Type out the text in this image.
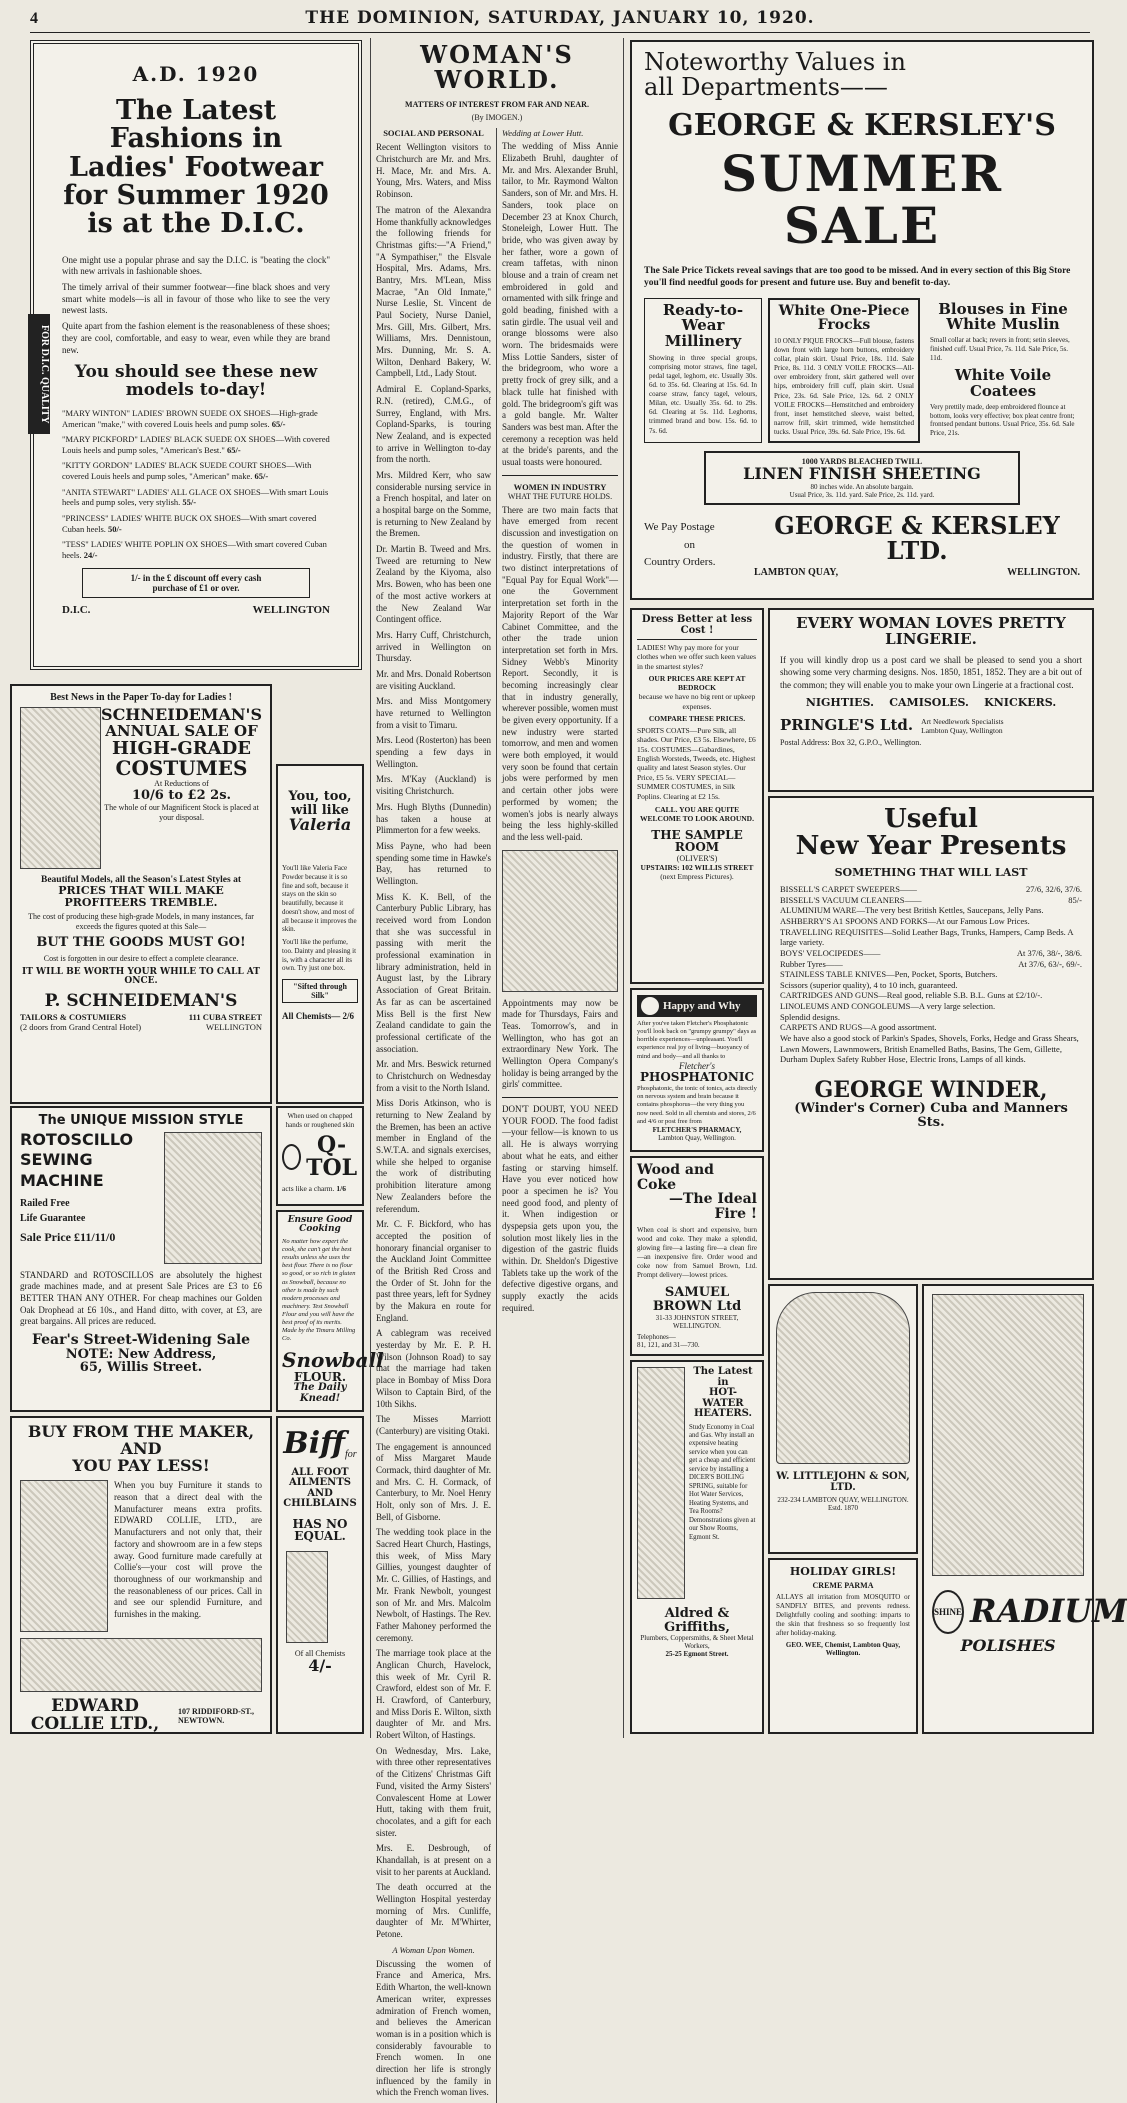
4	THE DOMINION, SATURDAY, JANUARY 10, 1920.
A.D. 1920
The Latest Fashions in Ladies' Footwear for Summer 1920 is at the D.I.C.
FOR D.I.C. QUALITY

One might use a popular phrase and say the D.I.C. is "beating the clock" with new arrivals in fashionable shoes.

The timely arrival of their summer footwear—fine black shoes and very smart white models—is all in favour of those who like to see the very newest lasts.

Quite apart from the fashion element is the reasonableness of these shoes; they are cool, comfortable, and easy to wear, even while they are brand new.

You should see these new models to-day!
"MARY WINTON" LADIES' BROWN SUEDE OX SHOES—High-grade American "make," with covered Louis heels and pump soles. 65/-
"MARY PICKFORD" LADIES' BLACK SUEDE OX SHOES—With covered Louis heels and pump soles, "American's Best." 65/-
"KITTY GORDON" LADIES' BLACK SUEDE COURT SHOES—With covered Louis heels and pump soles, "American" make. 65/-
"ANITA STEWART" LADIES' ALL GLACE OX SHOES—With smart Louis heels and pump soles, very stylish. 55/-
"PRINCESS" LADIES' WHITE BUCK OX SHOES—With smart covered Cuban heels. 50/-
"TESS" LADIES' WHITE POPLIN OX SHOES—With smart covered Cuban heels. 24/-
1/- in the £ discount off every cash
purchase of £1 or over.
D.I.C.	WELLINGTON
Best News in the Paper To-day for Ladies !
SCHNEIDEMAN'S
ANNUAL SALE OF
HIGH-GRADE
COSTUMES
At Reductions of
10/6 to £2 2s.
The whole of our Magnificent Stock is placed at your disposal.
Beautiful Models, all the Season's Latest Styles at
PRICES THAT WILL MAKE PROFITEERS TREMBLE.
The cost of producing these high-grade Models, in many instances, far exceeds the figures quoted at this Sale—
BUT THE GOODS MUST GO!
Cost is forgotten in our desire to effect a complete clearance.
IT WILL BE WORTH YOUR WHILE TO CALL AT ONCE.
P. SCHNEIDEMAN'S
TAILORS & COSTUMIERS	111 CUBA STREET
(2 doors from Grand Central Hotel)	WELLINGTON
You, too,
will like
Valeria
You'll like Valeria Face Powder because it is so fine and soft, because it stays on the skin so beautifully, because it doesn't show, and most of all because it improves the skin.
You'll like the perfume, too. Dainty and pleasing it is, with a character all its own. Try just one box.
"Sifted through Silk"
All Chemists— 2/6
The UNIQUE MISSION STYLE
ROTOSCILLO
SEWING
MACHINE
Railed Free
Life Guarantee
Sale Price £11/11/0
STANDARD and ROTOSCILLOS are absolutely the highest grade machines made, and at present Sale Prices are £3 to £6 BETTER THAN ANY OTHER. For cheap machines our Golden Oak Drophead at £6 10s., and Hand ditto, with cover, at £3, are great bargains. All prices are reduced.
Fear's Street-Widening Sale
NOTE: New Address,
65, Willis Street.
When used on chapped hands or roughened skin
Q-TOL
acts like a charm. 1/6
Ensure Good Cooking
No matter how expert the cook, she can't get the best results unless she uses the best flour. There is no flour so good, or so rich in gluten as Snowball, because no other is made by such modern processes and machinery. Test Snowball Flour and you will have the best proof of its merits. Made by the Timaru Milling Co.
Snowball
FLOUR.
The Daily Knead!
BUY FROM THE MAKER, AND
YOU PAY LESS!
When you buy Furniture it stands to reason that a direct deal with the Manufacturer means extra profits. EDWARD COLLIE, LTD., are Manufacturers and not only that, their factory and showroom are in a few steps away. Good furniture made carefully at Collie's—your cost will prove the thoroughness of our workmanship and the reasonableness of our prices. Call in and see our splendid Furniture, and furnishes in the making.
EDWARD COLLIE LTD.,
107 RIDDIFORD-ST., NEWTOWN.
Biff for
ALL FOOT AILMENTS
AND CHILBLAINS
HAS NO
EQUAL.
Of all Chemists
4/-
WOMAN'S WORLD.
MATTERS OF INTEREST FROM FAR AND NEAR.
(By IMOGEN.)
SOCIAL AND PERSONAL

Recent Wellington visitors to Christchurch are Mr. and Mrs. H. Mace, Mr. and Mrs. A. Young, Mrs. Waters, and Miss Robinson.

The matron of the Alexandra Home thankfully acknowledges the following friends for Christmas gifts:—"A Friend," "A Sympathiser," the Elsvale Hospital, Mrs. Adams, Mrs. Bantry, Mrs. M'Lean, Miss Macrae, "An Old Inmate," Nurse Leslie, St. Vincent de Paul Society, Nurse Daniel, Mrs. Gill, Mrs. Gilbert, Mrs. Williams, Mrs. Dennistoun, Mrs. Dunning, Mr. S. A. Wilton, Denhard Bakery, W. Campbell, Ltd., Lady Stout.

Admiral E. Copland-Sparks, R.N. (retired), C.M.G., of Surrey, England, with Mrs. Copland-Sparks, is touring New Zealand, and is expected to arrive in Wellington to-day from the north.

Mrs. Mildred Kerr, who saw considerable nursing service in a French hospital, and later on a hospital barge on the Somme, is returning to New Zealand by the Bremen.

Dr. Martin B. Tweed and Mrs. Tweed are returning to New Zealand by the Kiyoma, also Mrs. Bowen, who has been one of the most active workers at the New Zealand War Contingent office.

Mrs. Harry Cuff, Christchurch, arrived in Wellington on Thursday.

Mr. and Mrs. Donald Robertson are visiting Auckland.

Mrs. and Miss Montgomery have returned to Wellington from a visit to Timaru.

Mrs. Leod (Rosterton) has been spending a few days in Wellington.

Mrs. M'Kay (Auckland) is visiting Christchurch.

Mrs. Hugh Blyths (Dunnedin) has taken a house at Plimmerton for a few weeks.

Miss Payne, who had been spending some time in Hawke's Bay, has returned to Wellington.

Miss K. K. Bell, of the Canterbury Public Library, has received word from London that she was successful in passing with merit the professional examination in library administration, held in August last, by the Library Association of Great Britain. As far as can be ascertained Miss Bell is the first New Zealand candidate to gain the professional certificate of the association.

Mr. and Mrs. Beswick returned to Christchurch on Wednesday from a visit to the North Island.

Miss Doris Atkinson, who is returning to New Zealand by the Bremen, has been an active member in England of the S.W.T.A. and signals exercises, while she helped to organise the work of distributing prohibition literature among New Zealanders before the referendum.

Mr. C. F. Bickford, who has accepted the position of honorary financial organiser to the Auckland Joint Committee of the British Red Cross and the Order of St. John for the past three years, left for Sydney by the Makura en route for England.

A cablegram was received yesterday by Mr. E. P. H. Wilson (Johnson Road) to say that the marriage had taken place in Bombay of Miss Dora Wilson to Captain Bird, of the 10th Sikhs.

The Misses Marriott (Canterbury) are visiting Otaki.

The engagement is announced of Miss Margaret Maude Cormack, third daughter of Mr. and Mrs. C. H. Cormack, of Canterbury, to Mr. Noel Henry Holt, only son of Mrs. J. E. Bell, of Gisborne.

The wedding took place in the Sacred Heart Church, Hastings, this week, of Miss Mary Gillies, youngest daughter of Mr. C. Gillies, of Hastings, and Mr. Frank Newbolt, youngest son of Mr. and Mrs. Malcolm Newbolt, of Hastings. The Rev. Father Mahoney performed the ceremony.

The marriage took place at the Anglican Church, Havelock, this week of Mr. Cyril R. Crawford, eldest son of Mr. F. H. Crawford, of Canterbury, and Miss Doris E. Wilton, sixth daughter of Mr. and Mrs. Robert Wilton, of Hastings.

On Wednesday, Mrs. Lake, with three other representatives of the Citizens' Christmas Gift Fund, visited the Army Sisters' Convalescent Home at Lower Hutt, taking with them fruit, chocolates, and a gift for each sister.

Mrs. E. Desbrough, of Khandallah, is at present on a visit to her parents at Auckland.

The death occurred at the Wellington Hospital yesterday morning of Mrs. Cunliffe, daughter of Mr. M'Whirter, Petone.

A Woman Upon Women.

Discussing the women of France and America, Mrs. Edith Wharton, the well-known American writer, expresses admiration of French women, and believes the American woman is in a position which is considerably favourable to French women. In one direction her life is strongly influenced by the family in which the French woman lives.

Wedding at Lower Hutt.

The wedding of Miss Annie Elizabeth Bruhl, daughter of Mr. and Mrs. Alexander Bruhl, tailor, to Mr. Raymond Walton Sanders, son of Mr. and Mrs. H. Sanders, took place on December 23 at Knox Church, Stoneleigh, Lower Hutt. The bride, who was given away by her father, wore a gown of cream taffetas, with ninon blouse and a train of cream net embroidered in gold and ornamented with silk fringe and gold beading, finished with a satin girdle. The usual veil and orange blossoms were also worn. The bridesmaids were Miss Lottie Sanders, sister of the bridegroom, who wore a pretty frock of grey silk, and a black tulle hat finished with gold. The bridegroom's gift was a gold bangle. Mr. Walter Sanders was best man. After the ceremony a reception was held at the bride's parents, and the usual toasts were honoured.

WOMEN IN INDUSTRY
WHAT THE FUTURE HOLDS.

There are two main facts that have emerged from recent discussion and investigation on the question of women in industry. Firstly, that there are two distinct interpretations of "Equal Pay for Equal Work"—one the Government interpretation set forth in the Majority Report of the War Cabinet Committee, and the other the trade union interpretation set forth in Mrs. Sidney Webb's Minority Report. Secondly, it is becoming increasingly clear that in industry generally, wherever possible, women must be given every opportunity. If a new industry were started tomorrow, and men and women were both employed, it would very soon be found that certain jobs were performed by men and certain other jobs were performed by women; the women's jobs is nearly always being the less highly-skilled and the less well-paid.

Appointments may now be made for Thursdays, Fairs and Teas. Tomorrow's, and in Wellington, who has got an extraordinary New York. The Wellington Opera Company's holiday is being arranged by the girls' committee.

DON'T DOUBT, YOU NEED YOUR FOOD. The food fadist—your fellow—is known to us all. He is always worrying about what he eats, and either fasting or starving himself. Have you ever noticed how poor a specimen he is? You need good food, and plenty of it. When indigestion or dyspepsia gets upon you, the solution most likely lies in the digestion of the gastric fluids within. Dr. Sheldon's Digestive Tablets take up the work of the defective digestive organs, and supply exactly the acids required.

Noteworthy Values in
all Departments——
GEORGE & KERSLEY'S
SUMMER SALE
The Sale Price Tickets reveal savings that are too good to be missed. And in every section of this Big Store you'll find needful goods for present and future use. Buy and benefit to-day.
Ready-to-Wear
Millinery
Showing in three special groups, comprising motor straws, fine tagel, pedal tagel, leghorn, etc. Usually 30s. 6d. to 35s. 6d. Clearing at 15s. 6d. In coarse straw, fancy tagel, velours, Milan, etc. Usually 35s. 6d. to 29s. 6d. Clearing at 5s. 11d. Leghorns, trimmed brand and bow. 15s. 6d. to 7s. 6d.
White One-Piece
Frocks
10 ONLY PIQUE FROCKS—Full blouse, fastens down front with large horn buttons, embroidery collar, plain skirt. Usual Price, 18s. 11d. Sale Price, 8s. 11d. 3 ONLY VOILE FROCKS—All-over embroidery front, skirt gathered well over hips, embroidery frill cuff, plain skirt. Usual Price, 23s. 6d. Sale Price, 12s. 6d. 2 ONLY VOILE FROCKS—Hemstitched and embroidery front, inset hemstitched sleeve, waist belted, narrow frill, skirt trimmed, wide hemstitched tucks. Usual Price, 39s. 6d. Sale Price, 19s. 6d.
Blouses in Fine
White Muslin
Small collar at back; revers in front; setin sleeves, finished cuff. Usual Price, 7s. 11d. Sale Price, 5s. 11d.
White Voile
Coatees
Very prettily made, deep embroidered flounce at bottom, looks very effective; box pleat centre front; frontsed pendant buttons. Usual Price, 35s. 6d. Sale Price, 21s.
1000 YARDS BLEACHED TWILL
LINEN FINISH SHEETING
80 inches wide. An absolute bargain.
Usual Price, 3s. 11d. yard. Sale Price, 2s. 11d. yard.
We Pay Postage
on
Country Orders.
GEORGE & KERSLEY LTD.
LAMBTON QUAY,	WELLINGTON.
Dress Better at less Cost !
LADIES! Why pay more for your clothes when we offer such keen values in the smartest styles?
OUR PRICES ARE KEPT AT BEDROCK
because we have no big rent or upkeep expenses.
COMPARE THESE PRICES.
SPORTS COATS—Pure Silk, all shades. Our Price, £3 5s. Elsewhere, £6 15s. COSTUMES—Gabardines, English Worsteds, Tweeds, etc. Highest quality and latest Season styles. Our Price, £5 5s. VERY SPECIAL—SUMMER COSTUMES, in Silk Poplins. Clearing at £2 15s.
CALL. YOU ARE QUITE WELCOME TO LOOK AROUND.
THE SAMPLE ROOM
(OLIVER'S)
UPSTAIRS: 102 WILLIS STREET
(next Empress Pictures).
Happy and Why
After you've taken Fletcher's Phosphatonic you'll look back on "grumpy grumpy" days as horrible experiences—unpleasant. You'll experience real joy of living—buoyancy of mind and body—and all thanks to
Fletcher's
PHOSPHATONIC
Phosphatonic, the tonic of tonics, acts directly on nervous system and brain because it contains phosphorus—the very thing you now need. Sold in all chemists and stores, 2/6 and 4/6 or post free from
FLETCHER'S PHARMACY,
Lambton Quay, Wellington.
Wood and Coke
—The Ideal Fire !
When coal is short and expensive, burn wood and coke. They make a splendid, glowing fire—a lasting fire—a clean fire—an inexpensive fire. Order wood and coke now from Samuel Brown, Ltd. Prompt delivery—lowest prices.
SAMUEL BROWN Ltd
31-33 JOHNSTON STREET, WELLINGTON.
Telephones—
81, 121, and 31—730.
The Latest in
HOT-WATER
HEATERS.
Study Economy in Coal and Gas. Why install an expensive heating service when you can get a cheap and efficient service by installing a DICER'S BOILING SPRING, suitable for Hot Water Services, Heating Systems, and Tea Rooms? Demonstrations given at our Show Rooms, Egmont St.
Aldred & Griffiths,
Plumbers, Coppersmiths, & Sheet Metal Workers,
25-25 Egmont Street.
EVERY WOMAN LOVES PRETTY
LINGERIE.
If you will kindly drop us a post card we shall be pleased to send you a short showing some very charming designs. Nos. 1850, 1851, 1852. They are a bit out of the common; they will enable you to make your own Lingerie at a fractional cost.
NIGHTIES.    CAMISOLES.    KNICKERS.
PRINGLE'S Ltd. Art Needlework Specialists
Lambton Quay, Wellington
Postal Address: Box 32, G.P.O., Wellington.
Useful
New Year Presents
SOMETHING THAT WILL LAST
BISSELL'S CARPET SWEEPERS——	27/6, 32/6, 37/6.
BISSELL'S VACUUM CLEANERS——	85/-
ALUMINIUM WARE—The very best British Kettles, Saucepans, Jelly Pans.
ASHBERRY'S A1 SPOONS AND FORKS—At our Famous Low Prices.
TRAVELLING REQUISITES—Solid Leather Bags, Trunks, Hampers, Camp Beds. A large variety.
BOYS' VELOCIPEDES——	At 37/6, 38/-, 38/6.
Rubber Tyres——	At 37/6, 63/-, 69/-.
STAINLESS TABLE KNIVES—Pen, Pocket, Sports, Butchers.
Scissors (superior quality), 4 to 10 inch, guaranteed.
CARTRIDGES AND GUNS—Real good, reliable S.B. B.L. Guns at £2/10/-.
LINOLEUMS AND CONGOLEUMS—A very large selection.
Splendid designs.
CARPETS AND RUGS—A good assortment.
We have also a good stock of Parkin's Spades, Shovels, Forks, Hedge and Grass Shears, Lawn Mowers, Lawnmowers, British Enamelled Baths, Basins, The Gem, Gillette, Durham Duplex Safety Rubber Hose, Electric Irons, Lamps of all kinds.
GEORGE WINDER,
(Winder's Corner) Cuba and Manners Sts.
W. LITTLEJOHN & SON, LTD.
232-234 LAMBTON QUAY, WELLINGTON.
Estd. 1870
HOLIDAY GIRLS!
CREME PARMA
ALLAYS all irritation from MOSQUITO or SANDFLY BITES, and prevents redness. Delightfully cooling and soothing: imparts to the skin that freshness so so frequently lost after holiday-making.
GEO. WEE, Chemist, Lambton Quay, Wellington.
SHINE RADIUM
POLISHES
